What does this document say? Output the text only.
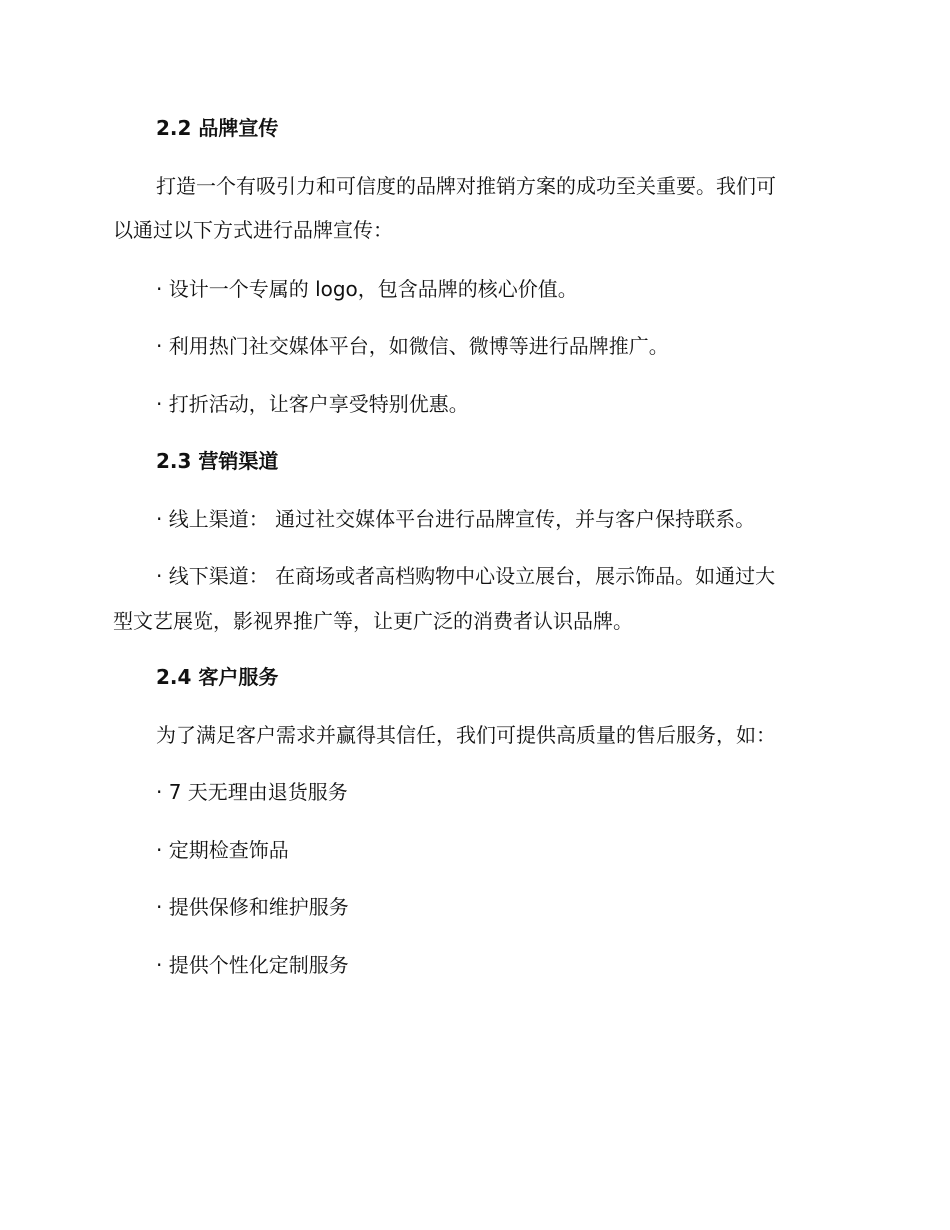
2.2 品牌宣传
打造一个有吸引力和可信度的品牌对推销方案的成功至关重要。我们可
以通过以下方式进行品牌宣传：
· 设计一个专属的 logo，包含品牌的核心价值。
· 利用热门社交媒体平台，如微信、微博等进行品牌推广。
· 打折活动，让客户享受特别优惠。
2.3 营销渠道
· 线上渠道： 通过社交媒体平台进行品牌宣传，并与客户保持联系。
· 线下渠道： 在商场或者高档购物中心设立展台，展示饰品。如通过大
型文艺展览，影视界推广等，让更广泛的消费者认识品牌。
2.4 客户服务
为了满足客户需求并赢得其信任，我们可提供高质量的售后服务，如：
· 7 天无理由退货服务
· 定期检查饰品
· 提供保修和维护服务
· 提供个性化定制服务
